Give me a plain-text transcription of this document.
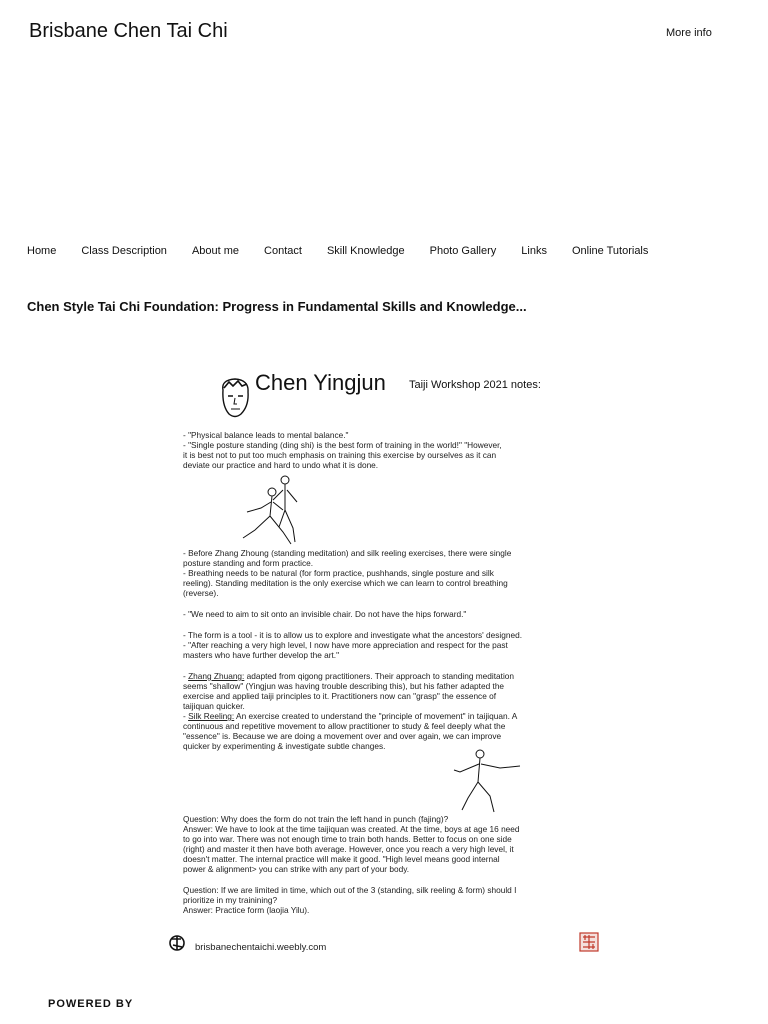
Brisbane Chen Tai Chi	More info
Home Class Description About me Contact Skill Knowledge Photo Gallery Links Online Tutorials
Chen Style Tai Chi Foundation: Progress in Fundamental Skills and Knowledge...
Chen Yingjun Taiji Workshop 2021 notes:
- "Physical balance leads to mental balance."
- "Single posture standing (ding shi) is the best form of training in the world!" "However,
it is best not to put too much emphasis on training this exercise by ourselves as it can
deviate our practice and hard to undo what it is done.
- Before Zhang Zhoung (standing meditation) and silk reeling exercises, there were single
posture standing and form practice.
- Breathing needs to be natural (for form practice, pushhands, single posture and silk
reeling). Standing meditation is the only exercise which we can learn to control breathing
(reverse).
- "We need to aim to sit onto an invisible chair. Do not have the hips forward."
- The form is a tool - it is to allow us to explore and investigate what the ancestors' designed.
- "After reaching a very high level, I now have more appreciation and respect for the past
masters who have further develop the art."
- Zhang Zhuang: adapted from qigong practitioners. Their approach to standing meditation
seems "shallow" (Yingjun was having trouble describing this), but his father adapted the
exercise and applied taiji principles to it. Practitioners now can "grasp" the essence of
taijiquan quicker.
- Silk Reeling: An exercise created to understand the "principle of movement" in taijiquan. A
continuous and repetitive movement to allow practitioner to study & feel deeply what the
"essence" is. Because we are doing a movement over and over again, we can improve
quicker by experimenting & investigate subtle changes.
Question: Why does the form do not train the left hand in punch (fajing)?
Answer: We have to look at the time taijiquan was created. At the time, boys at age 16 need
to go into war. There was not enough time to train both hands. Better to focus on one side
(right) and master it then have both average. However, once you reach a very high level, it
doesn't matter. The internal practice will make it good. "High level means good internal
power & alignment> you can strike with any part of your body.
Question: If we are limited in time, which out of the 3 (standing, silk reeling & form) should I
prioritize in my trainining?
Answer: Practice form (laojia Yilu).
brisbanechentaichi.weebly.com
POWERED BY
